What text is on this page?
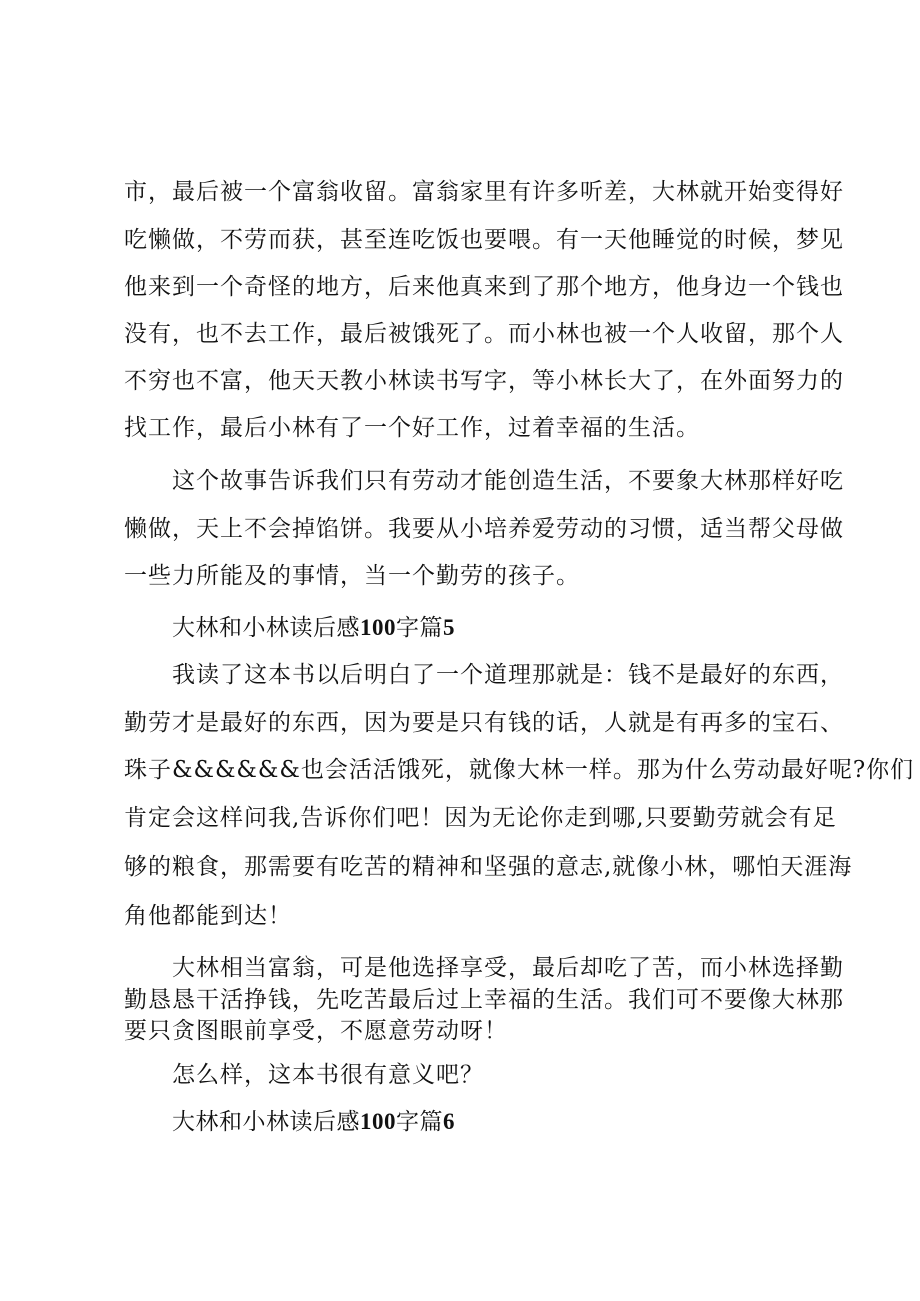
市，最后被一个富翁收留。富翁家里有许多听差，大林就开始变得好
吃懒做，不劳而获，甚至连吃饭也要喂。有一天他睡觉的时候，梦见
他来到一个奇怪的地方，后来他真来到了那个地方，他身边一个钱也
没有，也不去工作，最后被饿死了。而小林也被一个人收留，那个人
不穷也不富，他天天教小林读书写字，等小林长大了，在外面努力的
找工作，最后小林有了一个好工作，过着幸福的生活。
这个故事告诉我们只有劳动才能创造生活，不要象大林那样好吃
懒做，天上不会掉馅饼。我要从小培养爱劳动的习惯，适当帮父母做
一些力所能及的事情，当一个勤劳的孩子。
大林和小林读后感100字篇5
我读了这本书以后明白了一个道理那就是：钱不是最好的东西，
勤劳才是最好的东西，因为要是只有钱的话，人就是有再多的宝石、
珠子&&&&&&也会活活饿死，就像大林一样。那为什么劳动最好呢?你们
肯定会这样问我,告诉你们吧！因为无论你走到哪,只要勤劳就会有足
够的粮食，那需要有吃苦的精神和坚强的意志,就像小林，哪怕天涯海
角他都能到达！
大林相当富翁，可是他选择享受，最后却吃了苦，而小林选择勤
勤恳恳干活挣钱，先吃苦最后过上幸福的生活。我们可不要像大林那
要只贪图眼前享受，不愿意劳动呀！
怎么样，这本书很有意义吧？
大林和小林读后感100字篇6
